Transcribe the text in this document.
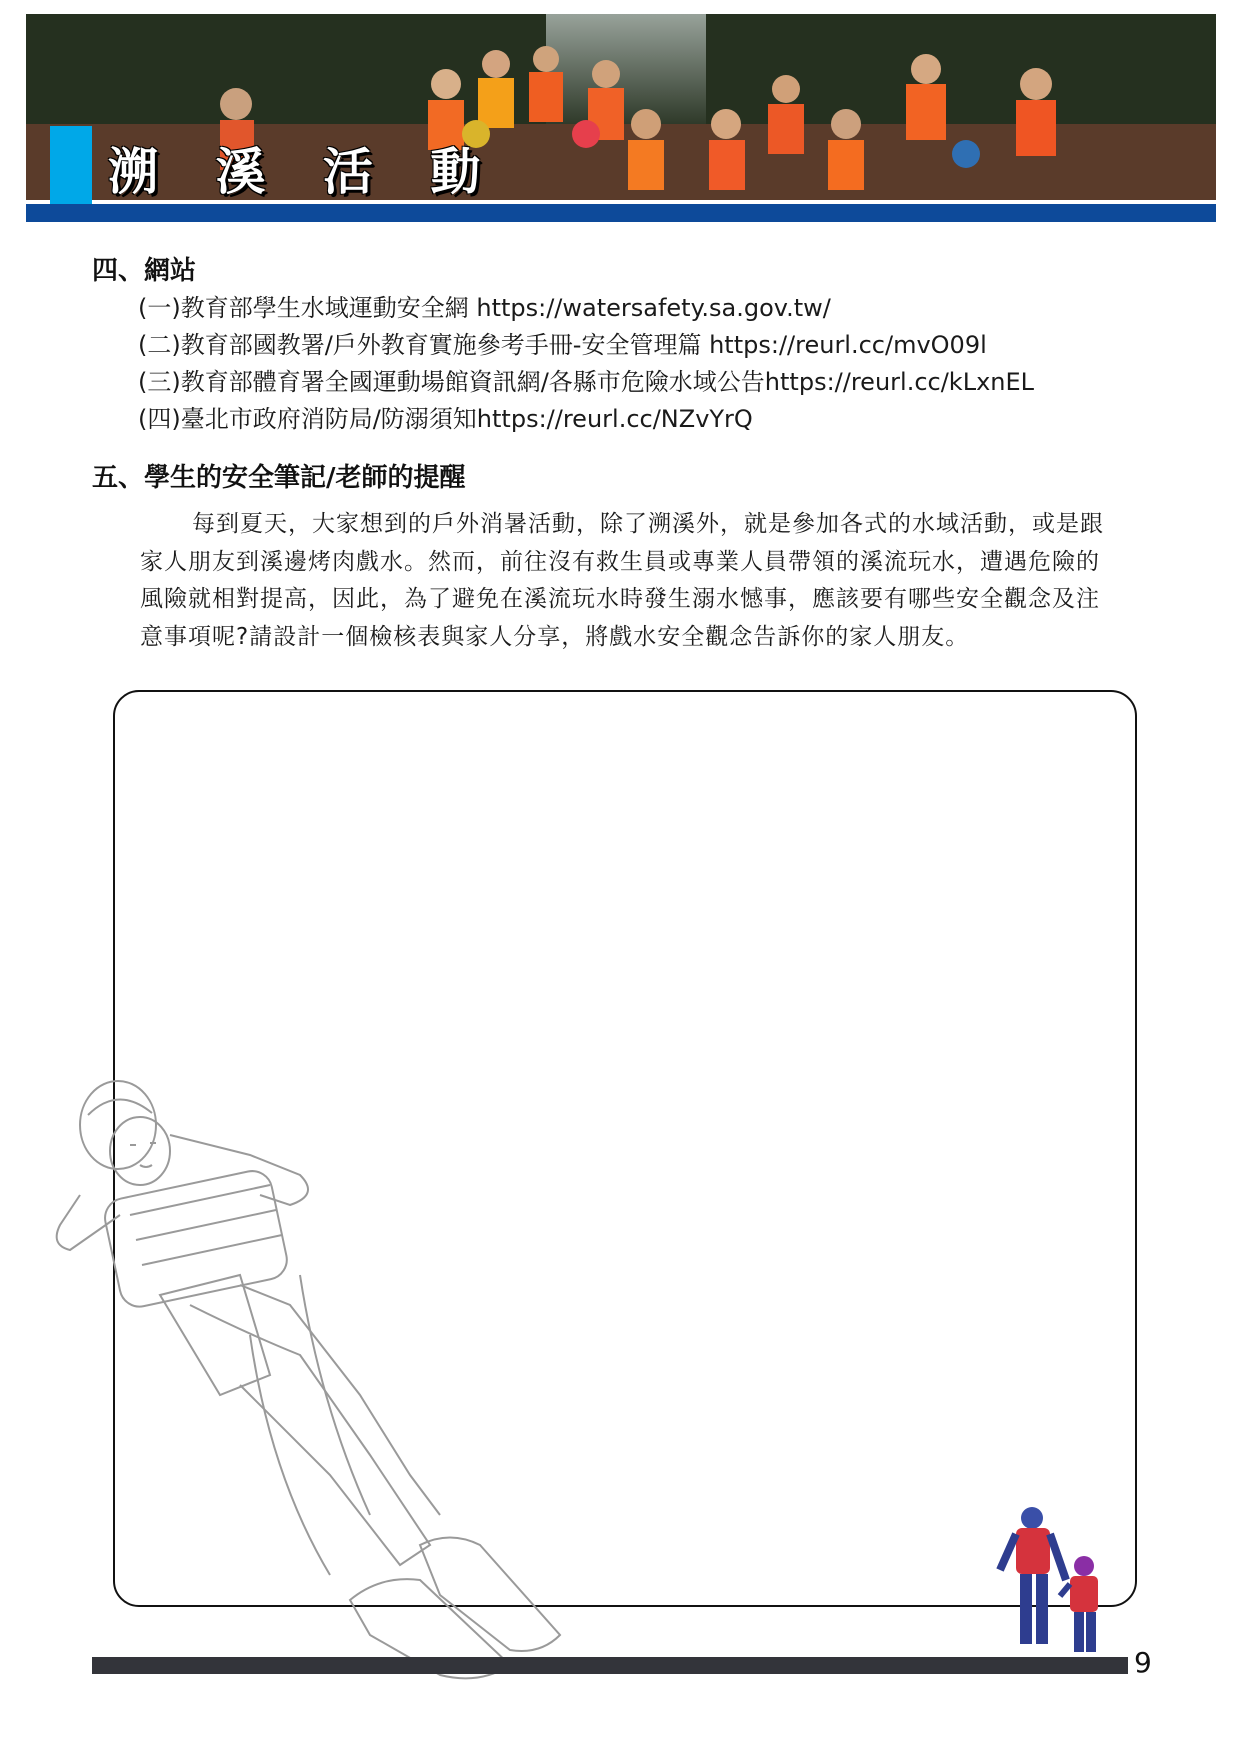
溯 溪 活 動
四、網站
(一)教育部學生水域運動安全網 https://watersafety.sa.gov.tw/
(二)教育部國教署/戶外教育實施參考手冊-安全管理篇 https://reurl.cc/mvO09l
(三)教育部體育署全國運動場館資訊網/各縣市危險水域公告https://reurl.cc/kLxnEL
(四)臺北市政府消防局/防溺須知https://reurl.cc/NZvYrQ
五、學生的安全筆記/老師的提醒

每到夏天，大家想到的戶外消暑活動，除了溯溪外，就是參加各式的水域活動，或是跟家人朋友到溪邊烤肉戲水。然而，前往沒有救生員或專業人員帶領的溪流玩水，遭遇危險的風險就相對提高，因此，為了避免在溪流玩水時發生溺水憾事，應該要有哪些安全觀念及注意事項呢?請設計一個檢核表與家人分享，將戲水安全觀念告訴你的家人朋友。

9
